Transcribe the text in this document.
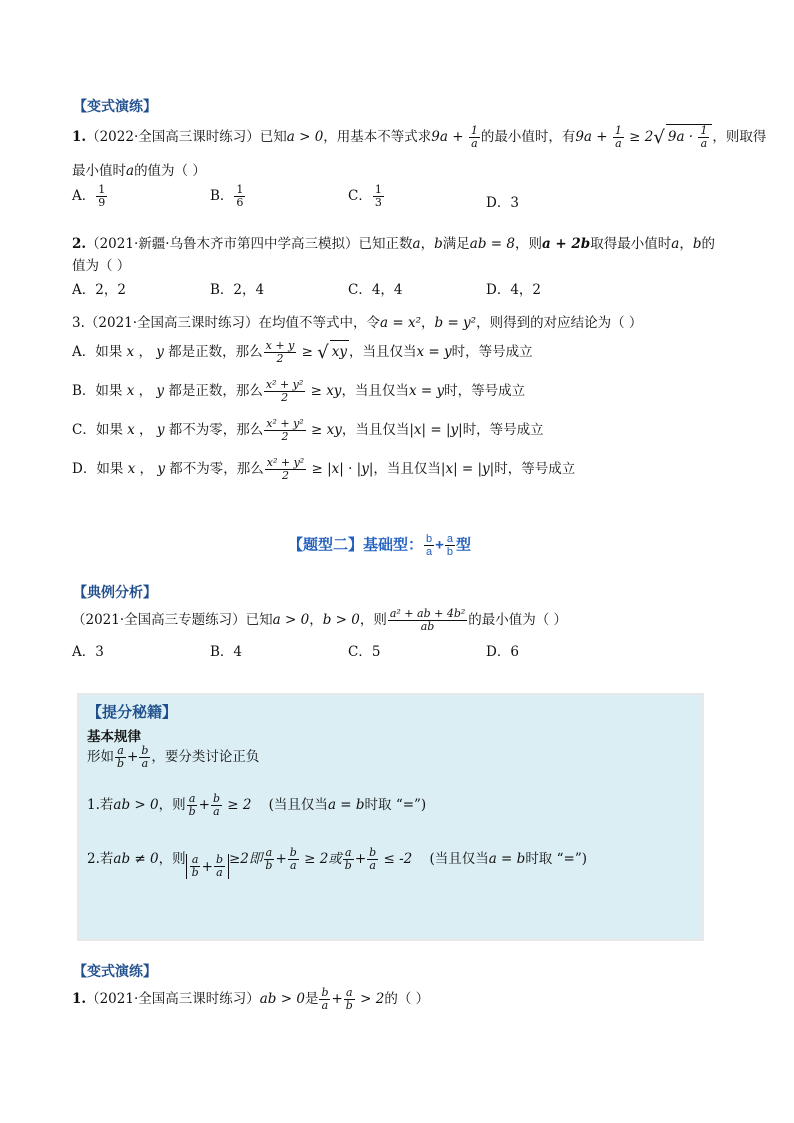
【变式演练】
1.（2022·全国高三课时练习）已知a > 0，用基本不等式求$9a + \frac{1}{a}$ 的最小值时，有$9a + \frac{1}{a} \ge 2√$ $9a \cdot \frac{1}{a}$ ，则取得
最小值时a的值为（ ）
A． $\frac{1}{9}$	B． $\frac{1}{6}$	C． $\frac{1}{3}$	D．3
2.（2021·新疆·乌鲁木齐市第四中学高三模拟）已知正数a，b满足ab = 8，则a + 2b取得最小值时a，b的
值为（ ）
A．2，2	B．2，4	C．4，4	D．4，2
3.（2021·全国高三课时练习）在均值不等式中，令a = x²，b = y²，则得到的对应结论为（ ）
A．如果 x ， y 都是正数，那么 $\frac{x + y}{2}$ ≥ √ xy ，当且仅当x = y时，等号成立
B．如果 x ， y 都是正数，那么 $\frac{\text{x² + y²}}{2}$ ≥ xy，当且仅当x = y时，等号成立
C．如果 x ， y 都不为零，那么 $\frac{\text{x² + y²}}{2}$ ≥ xy，当且仅当|x| = |y|时，等号成立
D．如果 x ， y 都不为零，那么 $\frac{\text{x² + y²}}{2} \ge |x| \cdot |y|$，当且仅当|x| = |y|时，等号成立
【题型二】基础型： $\frac{b}{a} + \frac{a}{b}$ 型
【典例分析】
（2021·全国高三专题练习）已知a > 0，b > 0，则 $\frac{\text{a² + ab + 4b²}}{ab}$ 的最小值为（ ）
A．3	B．4	C．5	D．6
【提分秘籍】
基本规律
形如 $\frac{a}{b} + \frac{b}{a}$ ，要分类讨论正负
1.若ab > 0，则 $\frac{a}{b} + \frac{b}{a} \ge 2$ (当且仅当a = b时取 “=”)
2.若ab ≠ 0，则 $\frac{a}{b} + \frac{b}{a} \ge 2$即 $\frac{a}{b} + \frac{b}{a} \ge 2$或 $\frac{a}{b} + \frac{b}{a} \le -2$ (当且仅当a = b时取 “=”)
【变式演练】
1.（2021·全国高三课时练习）ab > 0是 $\frac{b}{a} + \frac{a}{b} > 2$的（ ）
